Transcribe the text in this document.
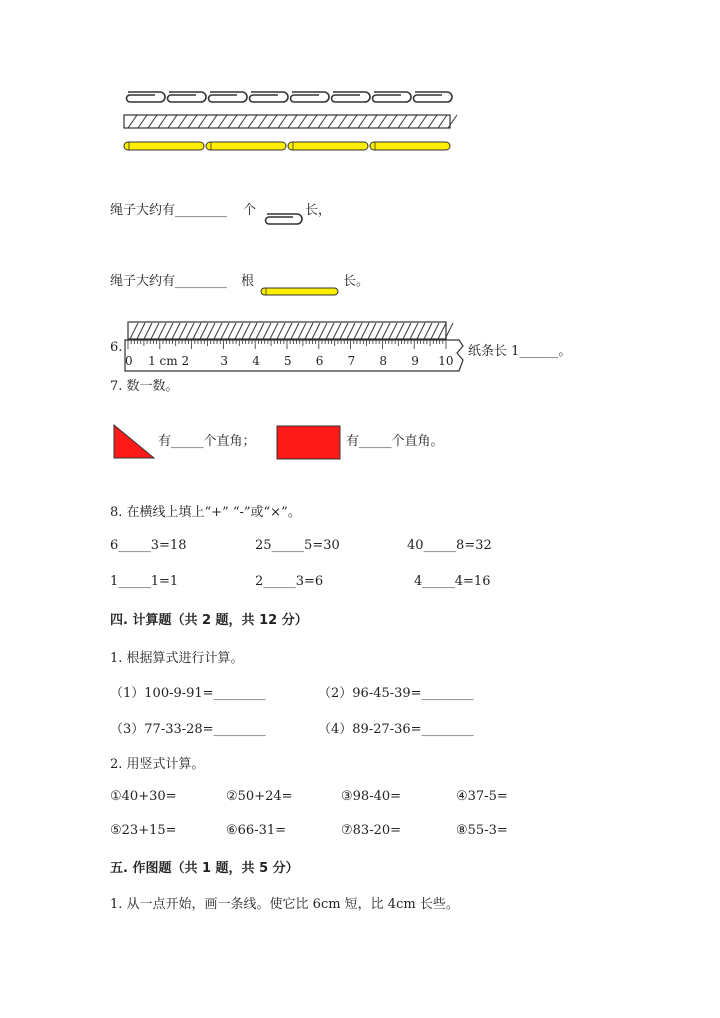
绳子大约有________ 个	长，
绳子大约有________ 根	长。
6.
0 1 cm 2	3 4 5 6 7 8 9 10
纸条长 1______。
7. 数一数。
有_____个直角；	有_____个直角。
8. 在横线上填上“+” “-”或“×”。
6_____3=18	25_____5=30	40_____8=32
1_____1=1	2_____3=6	4_____4=16
四. 计算题（共 2 题，共 12 分）
1. 根据算式进行计算。
（1）100-9-91=________	（2）96-45-39=________
（3）77-33-28=________	（4）89-27-36=________
2. 用竖式计算。
①40+30=	②50+24=	③98-40=	④37-5=
⑤23+15=	⑥66-31=	⑦83-20=	⑧55-3=
五. 作图题（共 1 题，共 5 分）
1. 从一点开始，画一条线。使它比 6cm 短，比 4cm 长些。
